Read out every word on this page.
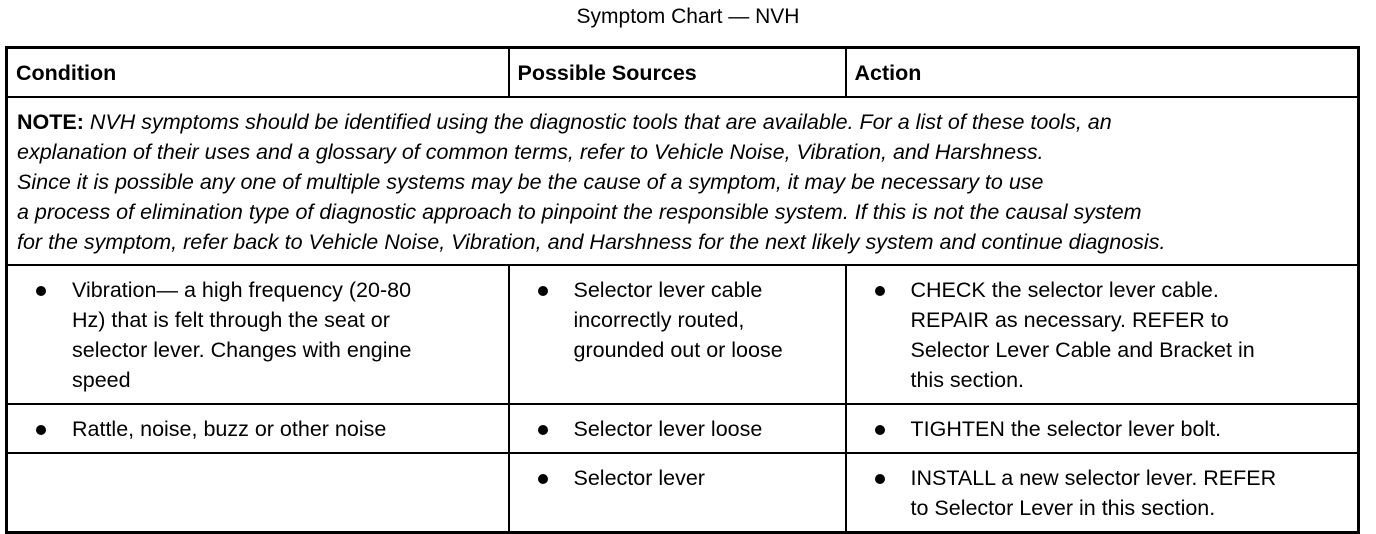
Symptom Chart — NVH
Condition	Possible Sources	Action

NOTE: NVH symptoms should be identified using the diagnostic tools that are available. For a list of these tools, an
explanation of their uses and a glossary of common terms, refer to Vehicle Noise, Vibration, and Harshness.
Since it is possible any one of multiple systems may be the cause of a symptom, it may be necessary to use
a process of elimination type of diagnostic approach to pinpoint the responsible system. If this is not the causal system
for the symptom, refer back to Vehicle Noise, Vibration, and Harshness for the next likely system and continue diagnosis.		

Vibration— a high frequency (20-80
Hz) that is felt through the seat or
selector lever. Changes with engine
speed	Selector lever cable
incorrectly routed,
grounded out or loose	CHECK the selector lever cable.
REPAIR as necessary. REFER to
Selector Lever Cable and Bracket in
this section.

Rattle, noise, buzz or other noise	Selector lever loose	TIGHTEN the selector lever bolt.

	Selector lever	INSTALL a new selector lever. REFER
to Selector Lever in this section.
